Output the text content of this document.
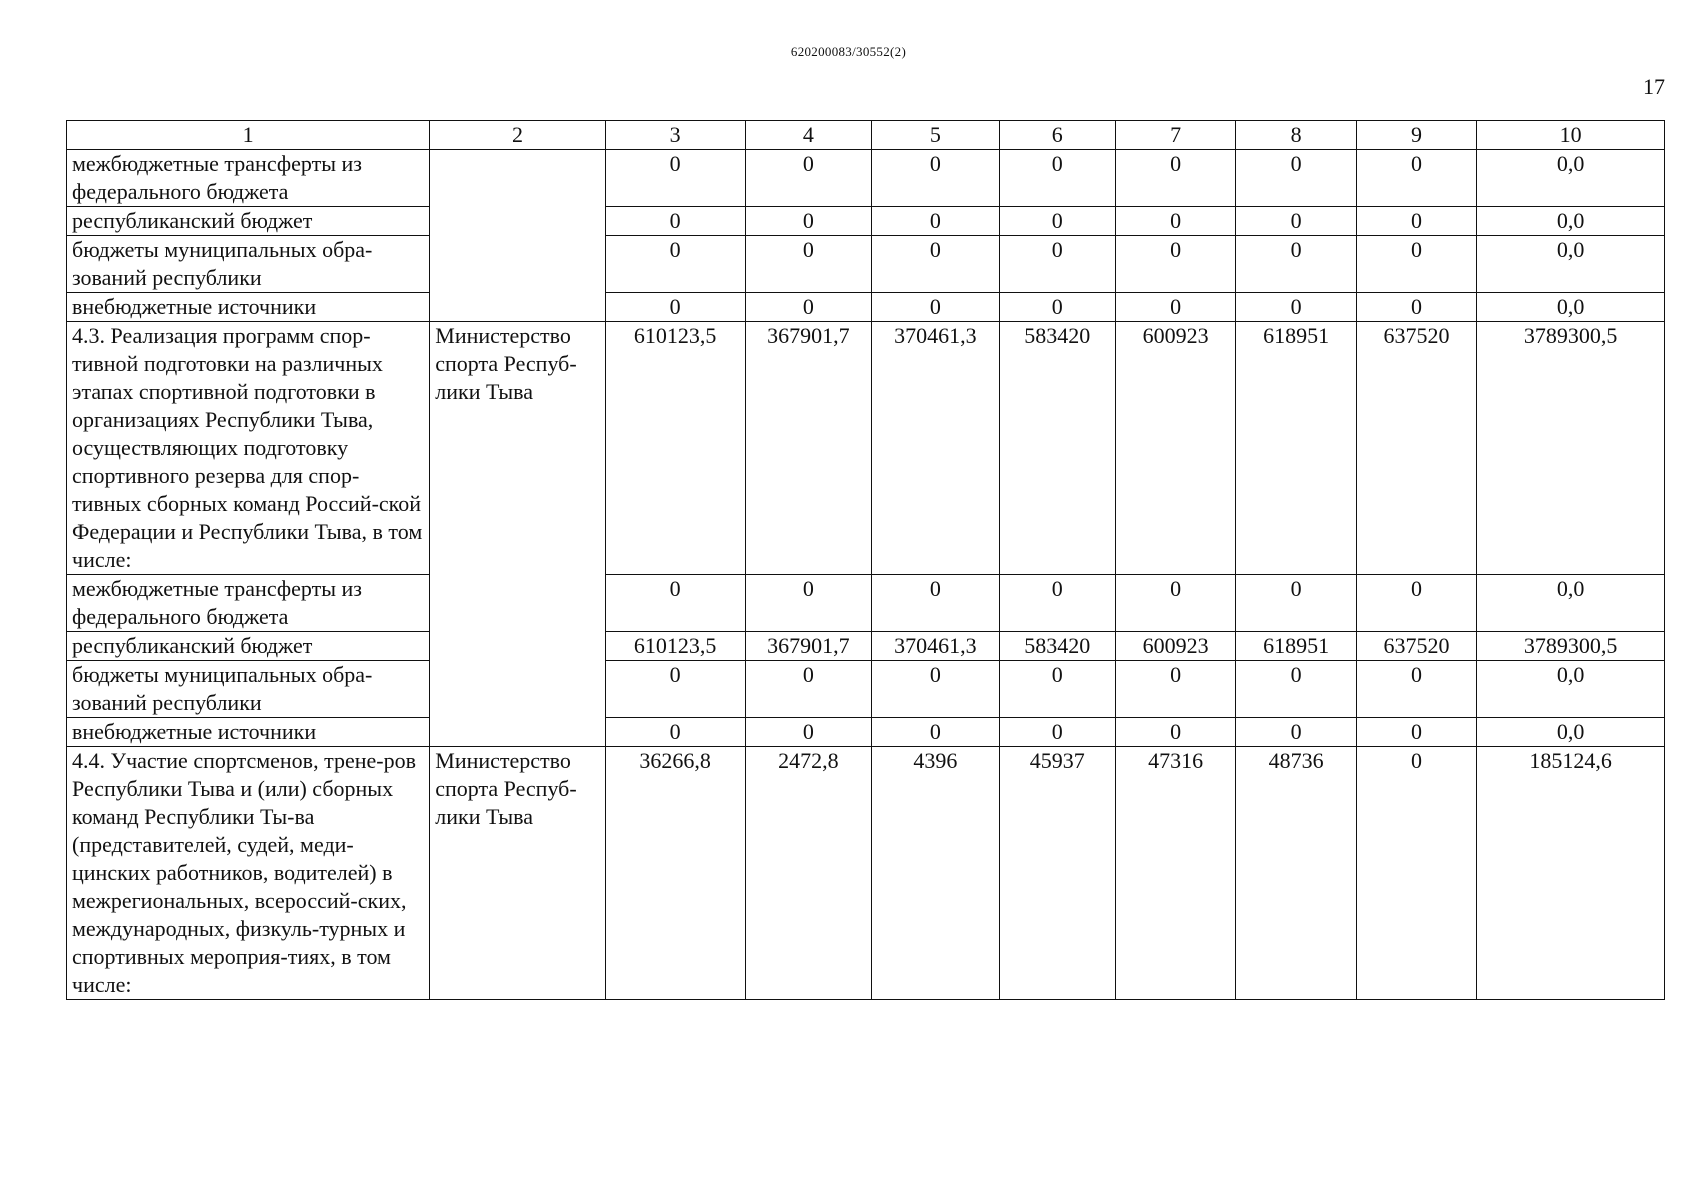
620200083/30552(2)
17
1	2	3	4	5	6	7	8	9	10
межбюджетные трансферты из федерального бюджета		0	0	0	0	0	0	0	0,0
республиканский бюджет		0	0	0	0	0	0	0	0,0
бюджеты муниципальных обра-зований республики		0	0	0	0	0	0	0	0,0
внебюджетные источники		0	0	0	0	0	0	0	0,0
4.3. Реализация программ спор-тивной подготовки на различных этапах спортивной подготовки в организациях Республики Тыва, осуществляющих подготовку спортивного резерва для спор-тивных сборных команд Россий-ской Федерации и Республики Тыва, в том числе:	Министерство спорта Респуб-лики Тыва	610123,5	367901,7	370461,3	583420	600923	618951	637520	3789300,5
межбюджетные трансферты из федерального бюджета		0	0	0	0	0	0	0	0,0
республиканский бюджет		610123,5	367901,7	370461,3	583420	600923	618951	637520	3789300,5
бюджеты муниципальных обра-зований республики		0	0	0	0	0	0	0	0,0
внебюджетные источники		0	0	0	0	0	0	0	0,0
4.4. Участие спортсменов, трене-ров Республики Тыва и (или) сборных команд Республики Ты-ва (представителей, судей, меди-цинских работников, водителей) в межрегиональных, всероссий-ских, международных, физкуль-турных и спортивных мероприя-тиях, в том числе:	Министерство спорта Респуб-лики Тыва	36266,8	2472,8	4396	45937	47316	48736	0	185124,6
